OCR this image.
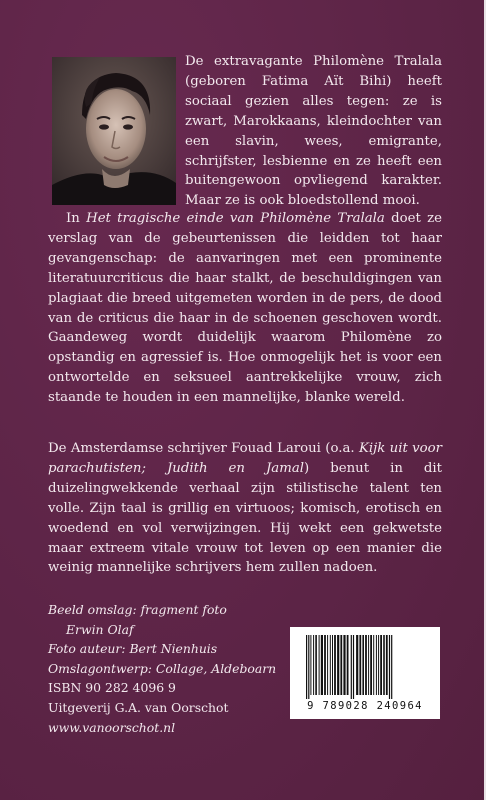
De extravagante Philomène Tralala (geboren Fatima Aït Bihi) heeft sociaal gezien alles tegen: ze is zwart, Marokkaans, kleindochter van een slavin, wees, emigrante, schrijfster, lesbienne en ze heeft een buitengewoon opvliegend karakter. Maar ze is ook bloedstollend mooi.
In Het tragische einde van Philomène Tralala doet ze verslag van de gebeurtenissen die leidden tot haar gevangenschap: de aanvaringen met een prominente literatuurcriticus die haar stalkt, de beschuldigingen van plagiaat die breed uitgemeten worden in de pers, de dood van de criticus die haar in de schoenen geschoven wordt. Gaandeweg wordt duidelijk waarom Philomène zo opstandig en agressief is. Hoe onmogelijk het is voor een ontwortelde en seksueel aantrekkelijke vrouw, zich staande te houden in een mannelijke, blanke wereld.
De Amsterdamse schrijver Fouad Laroui (o.a. Kijk uit voor parachutisten; Judith en Jamal) benut in dit duizelingwekkende verhaal zijn stilistische talent ten volle. Zijn taal is grillig en virtuoos; komisch, erotisch en woedend en vol verwijzingen. Hij wekt een gekwetste maar extreem vitale vrouw tot leven op een manier die weinig mannelijke schrijvers hem zullen nadoen.
Beeld omslag: fragment foto
Erwin Olaf
Foto auteur: Bert Nienhuis
Omslagontwerp: Collage, Aldeboarn
ISBN 90 282 4096 9
Uitgeverij G.A. van Oorschot
www.vanoorschot.nl
9 789028 240964
